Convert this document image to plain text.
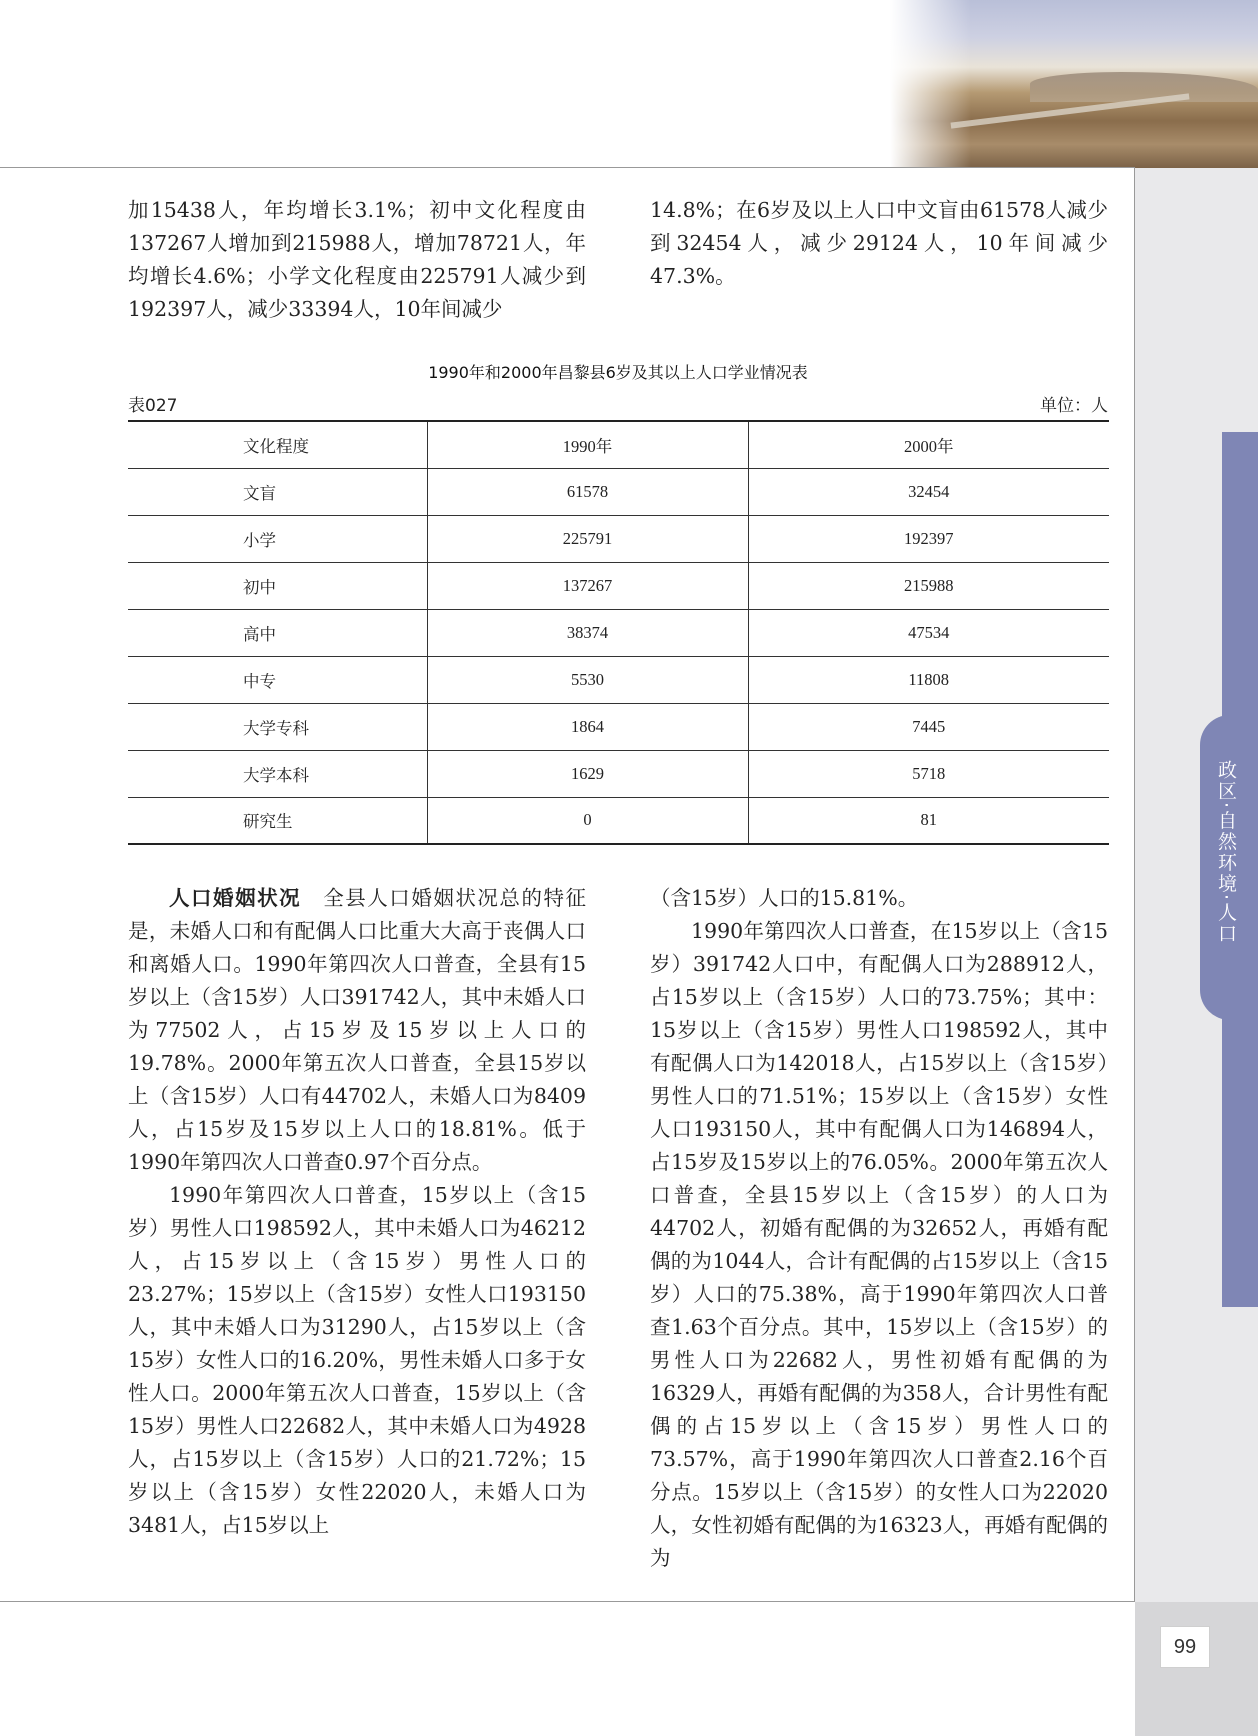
政区·自然环境·人口

加15438人，年均增长3.1%；初中文化程度由137267人增加到215988人，增加78721人，年均增长4.6%；小学文化程度由225791人减少到192397人，减少33394人，10年间减少

14.8%；在6岁及以上人口中文盲由61578人减少到32454人，减少29124人，10年间减少47.3%。

1990年和2000年昌黎县6岁及其以上人口学业情况表
表027	单位：人
文化程度	1990年	2000年
文盲	61578	32454
小学	225791	192397
初中	137267	215988
高中	38374	47534
中专	5530	11808
大学专科	1864	7445
大学本科	1629	5718
研究生	0	81

人口婚姻状况　 全县人口婚姻状况总的特征是，未婚人口和有配偶人口比重大大高于丧偶人口和离婚人口。1990年第四次人口普查，全县有15岁以上（含15岁）人口391742人，其中未婚人口为77502人，占15岁及15岁以上人口的19.78%。2000年第五次人口普查，全县15岁以上（含15岁）人口有44702人，未婚人口为8409人，占15岁及15岁以上人口的18.81%。低于1990年第四次人口普查0.97个百分点。

1990年第四次人口普查，15岁以上（含15岁）男性人口198592人，其中未婚人口为46212人，占15岁以上（含15岁）男性人口的23.27%；15岁以上（含15岁）女性人口193150人，其中未婚人口为31290人，占15岁以上（含15岁）女性人口的16.20%，男性未婚人口多于女性人口。2000年第五次人口普查，15岁以上（含15岁）男性人口22682人，其中未婚人口为4928人，占15岁以上（含15岁）人口的21.72%；15岁以上（含15岁）女性22020人，未婚人口为3481人，占15岁以上

（含15岁）人口的15.81%。

1990年第四次人口普查，在15岁以上（含15岁）391742人口中，有配偶人口为288912人，占15岁以上（含15岁）人口的73.75%；其中：15岁以上（含15岁）男性人口198592人，其中有配偶人口为142018人，占15岁以上（含15岁）男性人口的71.51%；15岁以上（含15岁）女性人口193150人，其中有配偶人口为146894人，占15岁及15岁以上的76.05%。2000年第五次人口普查，全县15岁以上（含15岁）的人口为44702人，初婚有配偶的为32652人，再婚有配偶的为1044人，合计有配偶的占15岁以上（含15岁）人口的75.38%，高于1990年第四次人口普查1.63个百分点。其中，15岁以上（含15岁）的男性人口为22682人，男性初婚有配偶的为16329人，再婚有配偶的为358人，合计男性有配偶的占15岁以上（含15岁）男性人口的73.57%，高于1990年第四次人口普查2.16个百分点。15岁以上（含15岁）的女性人口为22020人，女性初婚有配偶的为16323人，再婚有配偶的为

99
